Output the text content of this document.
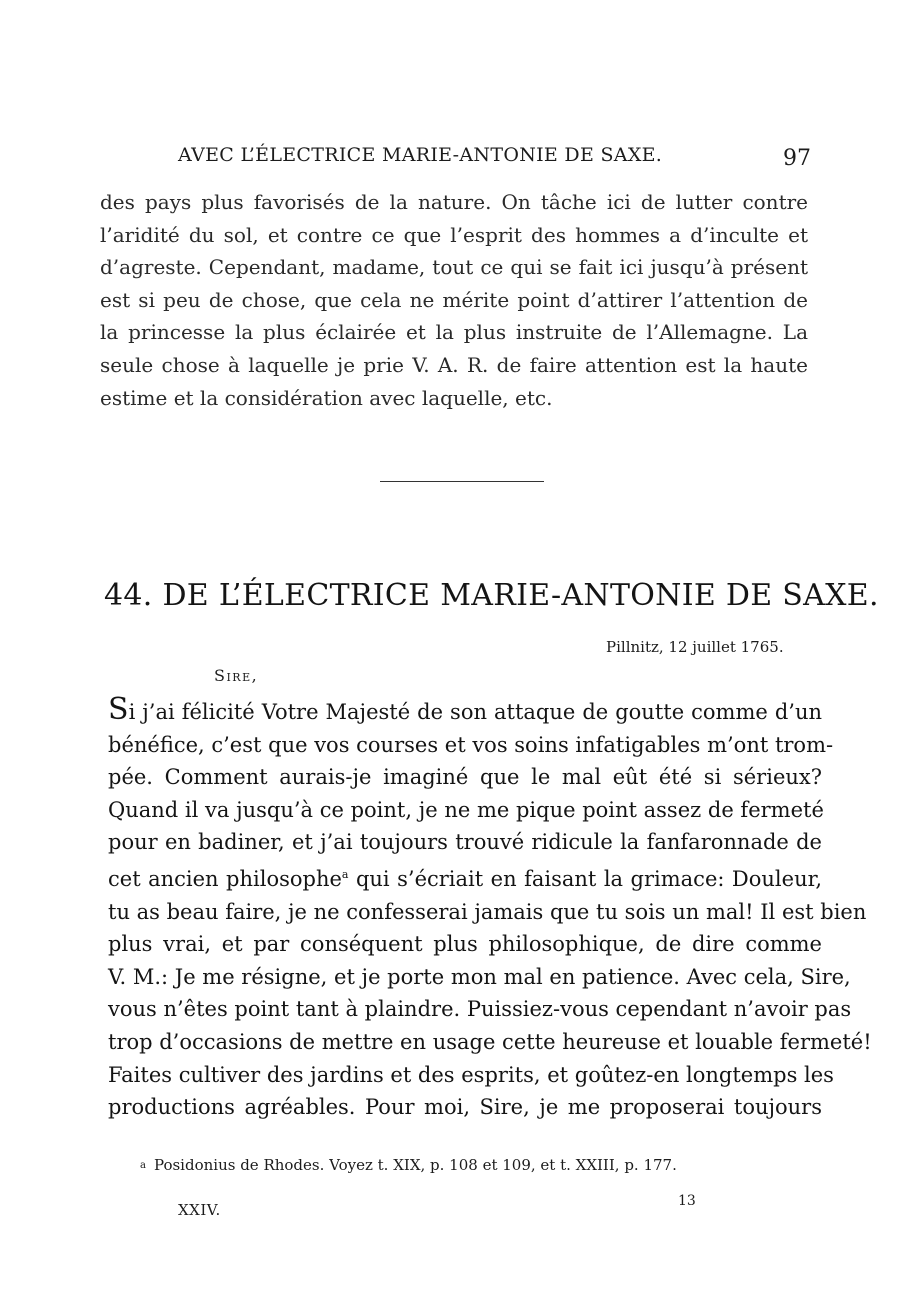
AVEC L’ÉLECTRICE MARIE-ANTONIE DE SAXE.	97
des pays plus favorisés de la nature. On tâche ici de lutter contre
l’aridité du sol, et contre ce que l’esprit des hommes a d’inculte et
d’agreste. Cependant, madame, tout ce qui se fait ici jusqu’à présent
est si peu de chose, que cela ne mérite point d’attirer l’attention de
la princesse la plus éclairée et la plus instruite de l’Allemagne. La
seule chose à laquelle je prie V. A. R. de faire attention est la haute
estime et la considération avec laquelle, etc.
44. DE L’ÉLECTRICE MARIE-ANTONIE DE SAXE.
Pillnitz, 12 juillet 1765.
Sire,
Si j’ai félicité Votre Majesté de son attaque de goutte comme d’un
bénéfice, c’est que vos courses et vos soins infatigables m’ont trom-
pée. Comment aurais-je imaginé que le mal eût été si sérieux?
Quand il va jusqu’à ce point, je ne me pique point assez de fermeté
pour en badiner, et j’ai toujours trouvé ridicule la fanfaronnade de
cet ancien philosophe$^a$ qui s’écriait en faisant la grimace: Douleur,
tu as beau faire, je ne confesserai jamais que tu sois un mal! Il est bien
plus vrai, et par conséquent plus philosophique, de dire comme
V. M.: Je me résigne, et je porte mon mal en patience. Avec cela, Sire,
vous n’êtes point tant à plaindre. Puissiez-vous cependant n’avoir pas
trop d’occasions de mettre en usage cette heureuse et louable fermeté!
Faites cultiver des jardins et des esprits, et goûtez-en longtemps les
productions agréables. Pour moi, Sire, je me proposerai toujours
a Posidonius de Rhodes. Voyez t. XIX, p. 108 et 109, et t. XXIII, p. 177.
XXIV.	13
